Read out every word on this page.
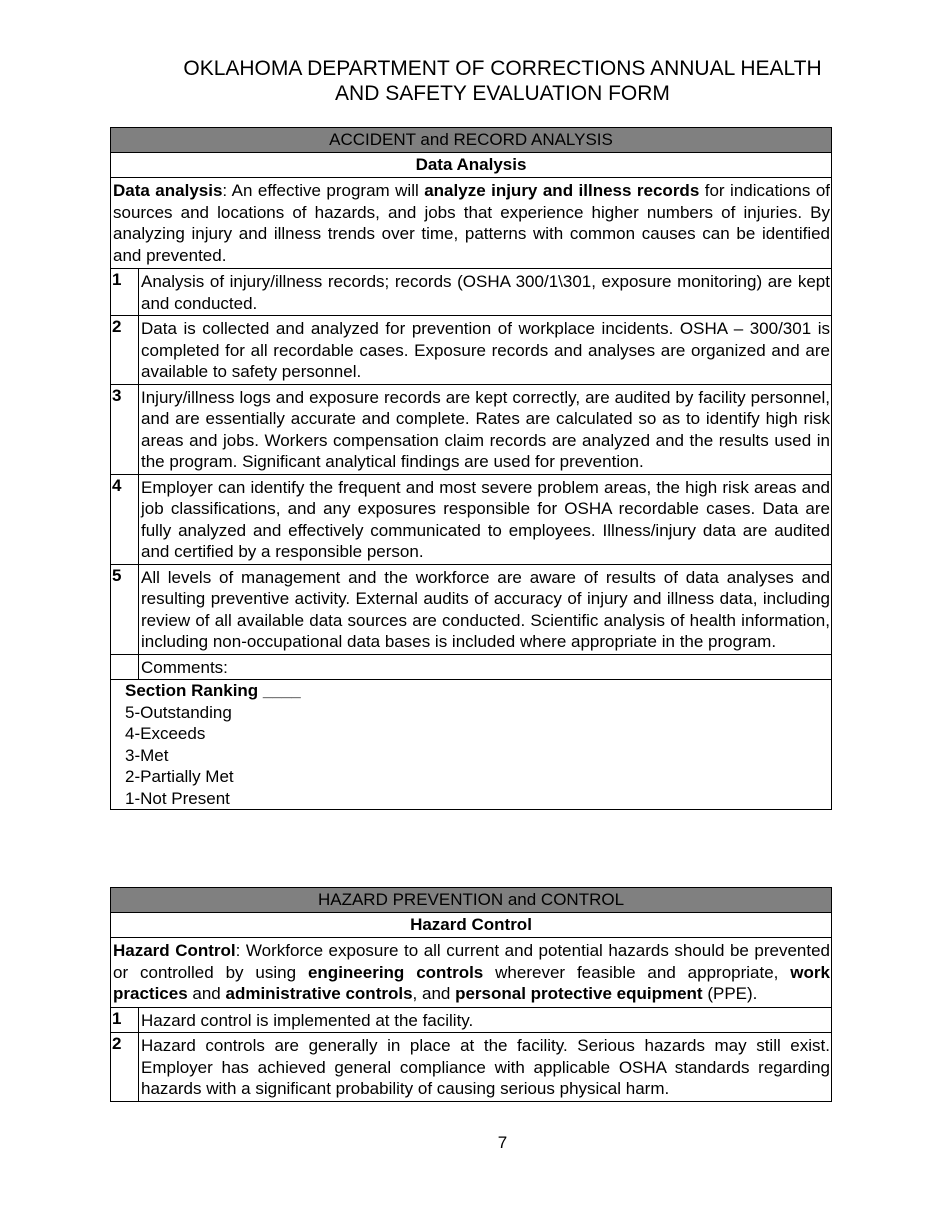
OKLAHOMA DEPARTMENT OF CORRECTIONS ANNUAL HEALTH
AND SAFETY EVALUATION FORM
ACCIDENT and RECORD ANALYSIS
Data Analysis
Data analysis: An effective program will analyze injury and illness records for indications of sources and locations of hazards, and jobs that experience higher numbers of injuries. By analyzing injury and illness trends over time, patterns with common causes can be identified and prevented.
1	Analysis of injury/illness records; records (OSHA 300/1\301, exposure monitoring) are kept and conducted.
2	Data is collected and analyzed for prevention of workplace incidents. OSHA – 300/301 is completed for all recordable cases. Exposure records and analyses are organized and are available to safety personnel.
3	Injury/illness logs and exposure records are kept correctly, are audited by facility personnel, and are essentially accurate and complete. Rates are calculated so as to identify high risk areas and jobs. Workers compensation claim records are analyzed and the results used in the program. Significant analytical findings are used for prevention.
4	Employer can identify the frequent and most severe problem areas, the high risk areas and job classifications, and any exposures responsible for OSHA recordable cases. Data are fully analyzed and effectively communicated to employees. Illness/injury data are audited and certified by a responsible person.
5	All levels of management and the workforce are aware of results of data analyses and resulting preventive activity. External audits of accuracy of injury and illness data, including review of all available data sources are conducted. Scientific analysis of health information, including non-occupational data bases is included where appropriate in the program.
Comments:
Section Ranking ____
5-Outstanding
4-Exceeds
3-Met
2-Partially Met
1-Not Present
HAZARD PREVENTION and CONTROL
Hazard Control
Hazard Control: Workforce exposure to all current and potential hazards should be prevented or controlled by using engineering controls wherever feasible and appropriate, work practices and administrative controls, and personal protective equipment (PPE).
1	Hazard control is implemented at the facility.
2	Hazard controls are generally in place at the facility. Serious hazards may still exist. Employer has achieved general compliance with applicable OSHA standards regarding hazards with a significant probability of causing serious physical harm.
7
